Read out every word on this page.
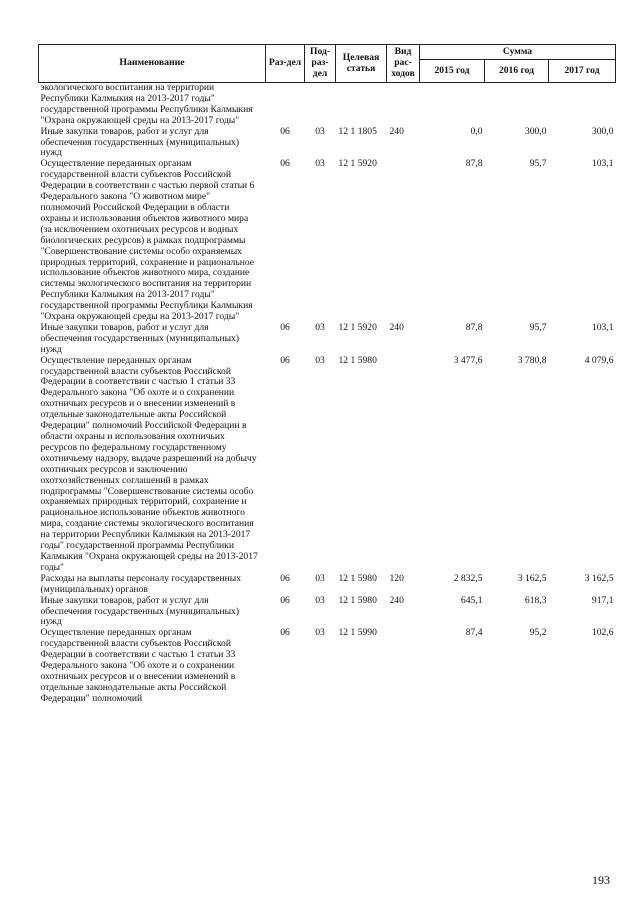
Наименование	Раз-дел	Под-раз-дел	Целевая статья	Вид рас-ходов	Сумма		
					2015 год	2016 год	2017 год
экологического воспитания на территории Республики Калмыкия на 2013-2017 годы" государственной программы Республики Калмыкия "Охрана окружающей среды на 2013-2017 годы"							
Иные закупки товаров, работ и услуг для обеспечения государственных (муниципальных) нужд	06	03	12 1 1805	240	0,0	300,0	300,0
Осуществление переданных органам государственной власти субъектов Российской Федерации в соответствии с частью первой статьи 6 Федерального закона "О животном мире" полномочий Российской Федерации в области охраны и использования объектов животного мира (за исключением охотничьих ресурсов и водных биологических ресурсов) в рамках подпрограммы "Совершенствование системы особо охраняемых природных территорий, сохранение и рациональное использование объектов животного мира, создание системы экологического воспитания на территории Республики Калмыкия на 2013-2017 годы" государственной программы Республики Калмыкия "Охрана окружающей среды на 2013-2017 годы"	06	03	12 1 5920		87,8	95,7	103,1
Иные закупки товаров, работ и услуг для обеспечения государственных (муниципальных) нужд	06	03	12 1 5920	240	87,8	95,7	103,1
Осуществление переданных органам государственной власти субъектов Российской Федерации в соответствии с частью 1 статьи 33 Федерального закона "Об охоте и о сохранении охотничьих ресурсов и о внесении изменений в отдельные законодательные акты Российской Федерации" полномочий Российской Федерации в области охраны и использования охотничьих ресурсов по федеральному государственному охотничьему надзору, выдаче разрешений на добычу охотничьих ресурсов и заключению охотхозяйственных соглашений в рамках подпрограммы "Совершенствование системы особо охраняемых природных территорий, сохранение и рациональное использование объектов животного мира, создание системы экологического воспитания на территории Республики Калмыкия на 2013-2017 годы" государственной программы Республики Калмыкия "Охрана окружающей среды на 2013-2017 годы"	06	03	12 1 5980		3 477,6	3 780,8	4 079,6
Расходы на выплаты персоналу государственных (муниципальных) органов	06	03	12 1 5980	120	2 832,5	3 162,5	3 162,5
Иные закупки товаров, работ и услуг для обеспечения государственных (муниципальных) нужд	06	03	12 1 5980	240	645,1	618,3	917,1
Осуществление переданных органам государственной власти субъектов Российской Федерации в соответствии с частью 1 статьи 33 Федерального закона "Об охоте и о сохранении охотничьих ресурсов и о внесении изменений в отдельные законодательные акты Российской Федерации" полномочий	06	03	12 1 5990		87,4	95,2	102,6
193
